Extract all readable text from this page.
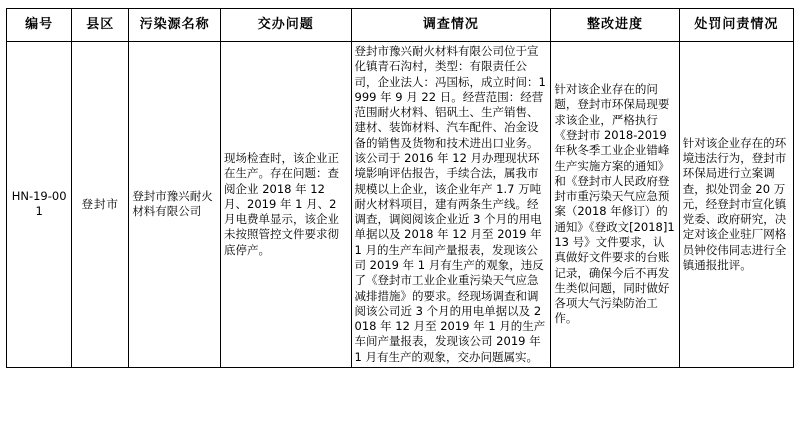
编号	县区	污染源名称	交办问题	调查情况	整改进度	处罚问责情况
HN-19-001	登封市	登封市豫兴耐火材料有限公司	现场检查时，该企业正在生产。存在问题：查阅企业 2018 年 12 月、2019 年 1 月、2 月电费单显示，该企业未按照管控文件要求彻底停产。	登封市豫兴耐火材料有限公司位于宣化镇青石沟村，类型：有限责任公司，企业法人：冯国标，成立时间：1999 年 9 月 22 日。经营范围：经营范围耐火材料、铝矾土、生产销售、建材、装饰材料、汽车配件、冶金设备的销售及货物和技术进出口业务。该公司于 2016 年 12 月办理现状环境影响评估报告，手续合法，属我市规模以上企业，该企业年产 1.7 万吨耐火材料项目，建有两条生产线。经调查，调阅阅该企业近 3 个月的用电单据以及 2018 年 12 月至 2019 年 1 月的生产车间产量报表，发现该公司 2019 年 1 月有生产的观象，违反了《登封市工业企业重污染天气应急减排措施》的要求。经现场调查和调阅该公司近 3 个月的用电单据以及 2018 年 12 月至 2019 年 1 月的生产车间产量报表，发现该公司 2019 年 1 月有生产的观象，交办问题属实。	针对该企业存在的问题，登封市环保局现要求该企业，严格执行《登封市 2018-2019 年秋冬季工业企业错峰生产实施方案的通知》和《登封市人民政府登封市重污染天气应急预案（2018 年修订）的通知》《登政文[2018]113 号》文件要求，认真做好文件要求的台账记录，确保今后不再发生类似问题，同时做好各项大气污染防治工作。	针对该企业存在的环境违法行为，登封市环保局进行立案调查，拟处罚金 20 万元，经登封市宣化镇党委、政府研究，决定对该企业驻厂网格员钟佼伟同志进行全镇通报批评。
